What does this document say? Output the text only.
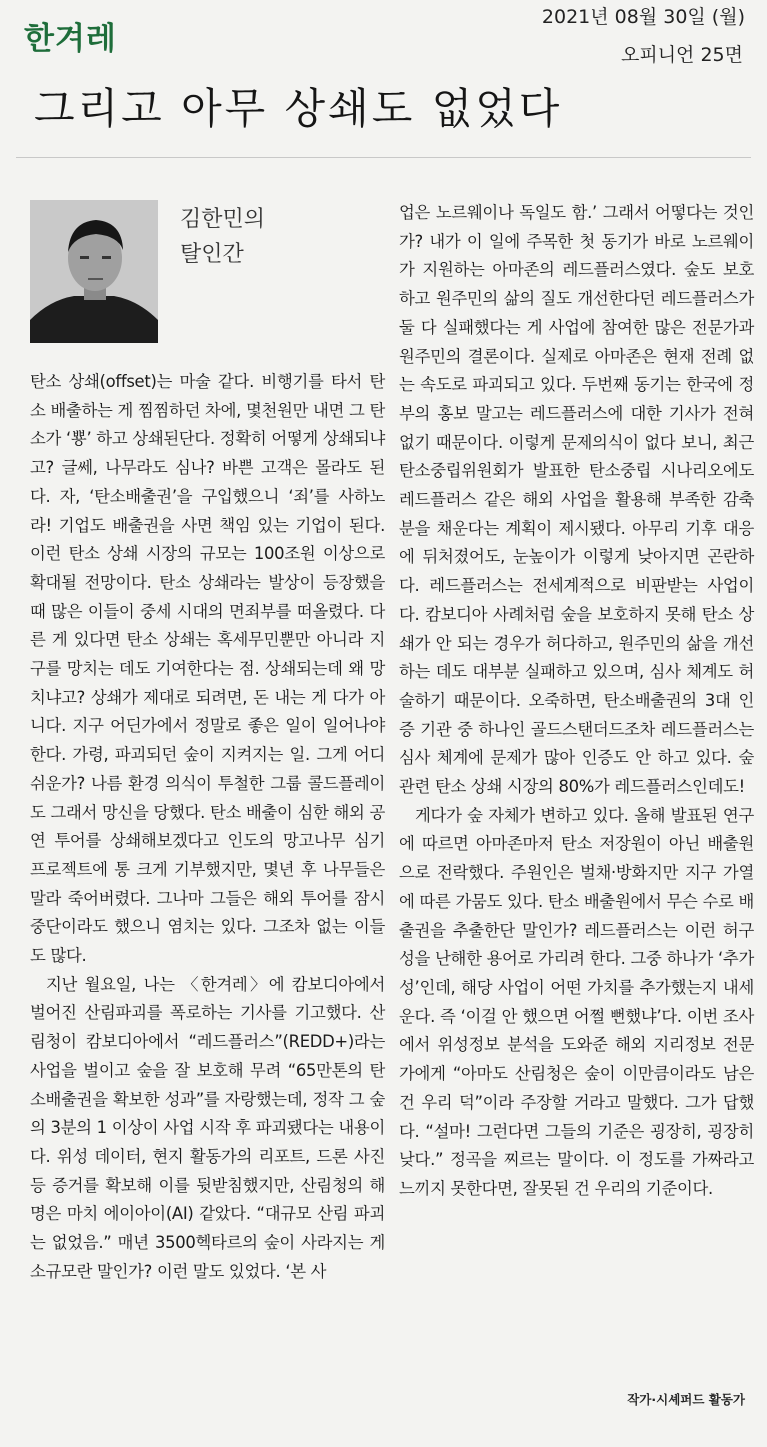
한겨레
2021년 08월 30일 (월)
오피니언 25면
그리고 아무 상쇄도 없었다
김한민의
탈인간

탄소 상쇄(offset)는 마술 같다. 비행기를 타서 탄소 배출하는 게 찜찜하던 차에, 몇천원만 내면 그 탄소가 ‘뿅’ 하고 상쇄된단다. 정확히 어떻게 상쇄되냐고? 글쎄, 나무라도 심나? 바쁜 고객은 몰라도 된다. 자, ‘탄소배출권’을 구입했으니 ‘죄’를 사하노라! 기업도 배출권을 사면 책임 있는 기업이 된다. 이런 탄소 상쇄 시장의 규모는 100조원 이상으로 확대될 전망이다. 탄소 상쇄라는 발상이 등장했을 때 많은 이들이 중세 시대의 면죄부를 떠올렸다. 다른 게 있다면 탄소 상쇄는 혹세무민뿐만 아니라 지구를 망치는 데도 기여한다는 점. 상쇄되는데 왜 망치냐고? 상쇄가 제대로 되려면, 돈 내는 게 다가 아니다. 지구 어딘가에서 정말로 좋은 일이 일어나야 한다. 가령, 파괴되던 숲이 지켜지는 일. 그게 어디 쉬운가? 나름 환경 의식이 투철한 그룹 콜드플레이도 그래서 망신을 당했다. 탄소 배출이 심한 해외 공연 투어를 상쇄해보겠다고 인도의 망고나무 심기 프로젝트에 통 크게 기부했지만, 몇년 후 나무들은 말라 죽어버렸다. 그나마 그들은 해외 투어를 잠시 중단이라도 했으니 염치는 있다. 그조차 없는 이들도 많다.

지난 월요일, 나는 〈한겨레〉에 캄보디아에서 벌어진 산림파괴를 폭로하는 기사를 기고했다. 산림청이 캄보디아에서 “레드플러스”(REDD+)라는 사업을 벌이고 숲을 잘 보호해 무려 “65만톤의 탄소배출권을 확보한 성과”를 자랑했는데, 정작 그 숲의 3분의 1 이상이 사업 시작 후 파괴됐다는 내용이다. 위성 데이터, 현지 활동가의 리포트, 드론 사진 등 증거를 확보해 이를 뒷받침했지만, 산림청의 해명은 마치 에이아이(AI) 같았다. “대규모 산림 파괴는 없었음.” 매년 3500헥타르의 숲이 사라지는 게 소규모란 말인가? 이런 말도 있었다. ‘본 사

업은 노르웨이나 독일도 함.’ 그래서 어떻다는 것인가? 내가 이 일에 주목한 첫 동기가 바로 노르웨이가 지원하는 아마존의 레드플러스였다. 숲도 보호하고 원주민의 삶의 질도 개선한다던 레드플러스가 둘 다 실패했다는 게 사업에 참여한 많은 전문가과 원주민의 결론이다. 실제로 아마존은 현재 전례 없는 속도로 파괴되고 있다. 두번째 동기는 한국에 정부의 홍보 말고는 레드플러스에 대한 기사가 전혀 없기 때문이다. 이렇게 문제의식이 없다 보니, 최근 탄소중립위원회가 발표한 탄소중립 시나리오에도 레드플러스 같은 해외 사업을 활용해 부족한 감축분을 채운다는 계획이 제시됐다. 아무리 기후 대응에 뒤처졌어도, 눈높이가 이렇게 낮아지면 곤란하다. 레드플러스는 전세계적으로 비판받는 사업이다. 캄보디아 사례처럼 숲을 보호하지 못해 탄소 상쇄가 안 되는 경우가 허다하고, 원주민의 삶을 개선하는 데도 대부분 실패하고 있으며, 심사 체계도 허술하기 때문이다. 오죽하면, 탄소배출권의 3대 인증 기관 중 하나인 골드스탠더드조차 레드플러스는 심사 체계에 문제가 많아 인증도 안 하고 있다. 숲 관련 탄소 상쇄 시장의 80%가 레드플러스인데도!

게다가 숲 자체가 변하고 있다. 올해 발표된 연구에 따르면 아마존마저 탄소 저장원이 아닌 배출원으로 전락했다. 주원인은 벌채·방화지만 지구 가열에 따른 가뭄도 있다. 탄소 배출원에서 무슨 수로 배출권을 추출한단 말인가? 레드플러스는 이런 허구성을 난해한 용어로 가리려 한다. 그중 하나가 ‘추가성’인데, 해당 사업이 어떤 가치를 추가했는지 내세운다. 즉 ‘이걸 안 했으면 어쩔 뻔했냐’다. 이번 조사에서 위성정보 분석을 도와준 해외 지리정보 전문가에게 “아마도 산림청은 숲이 이만큼이라도 남은 건 우리 덕”이라 주장할 거라고 말했다. 그가 답했다. “설마! 그런다면 그들의 기준은 굉장히, 굉장히 낮다.” 정곡을 찌르는 말이다. 이 정도를 가짜라고 느끼지 못한다면, 잘못된 건 우리의 기준이다.

작가·시셰퍼드 활동가
